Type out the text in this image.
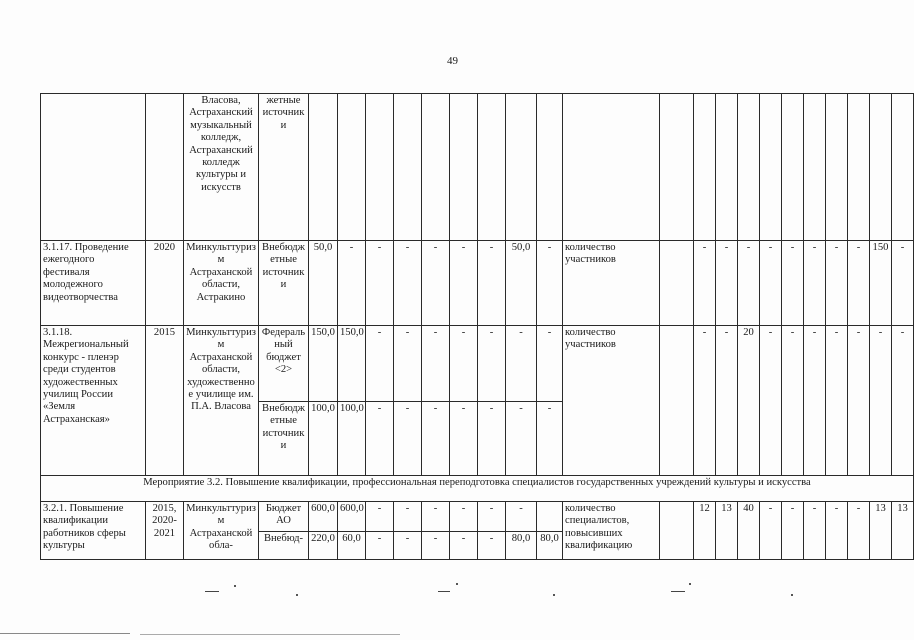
49
		Власова, Астраханский музыкальный колледж, Астраханский колледж культуры и искусств	жетные источники																					
3.1.17. Проведение ежегодного фестиваля молодежного видеотворчества	2020	Минкульттуризм Астраханской области, Астракино	Внебюджетные источники	50,0	-	-	-	-	-	-	50,0	-	количество участников		-	-	-	-	-	-	-	-	150	-
3.1.18. Межрегиональный конкурс - пленэр среди студентов художественных училищ России «Земля Астраханская»	2015	Минкульттуризм Астраханской области, художественное училище им. П.А. Власова	Федеральный бюджет <2>	150,0	150,0	-	-	-	-	-	-	-	количество участников		-	-	20	-	-	-	-	-	-	-
			Внебюджетные источники	100,0	100,0	-	-	-	-	-	-	-												
Мероприятие 3.2. Повышение квалификации, профессиональная переподготовка специалистов государственных учреждений культуры и искусства																								
3.2.1. Повышение квалификации работников сферы культуры	2015, 2020-2021	Минкульттуризм Астраханской обла-	Бюджет АО	600,0	600,0	-	-	-	-	-	-		количество специалистов, повысивших квалификацию		12	13	40	-	-	-	-	-	13	13
			Внебюд-	220,0	60,0	-	-	-	-	-	80,0	80,0												
